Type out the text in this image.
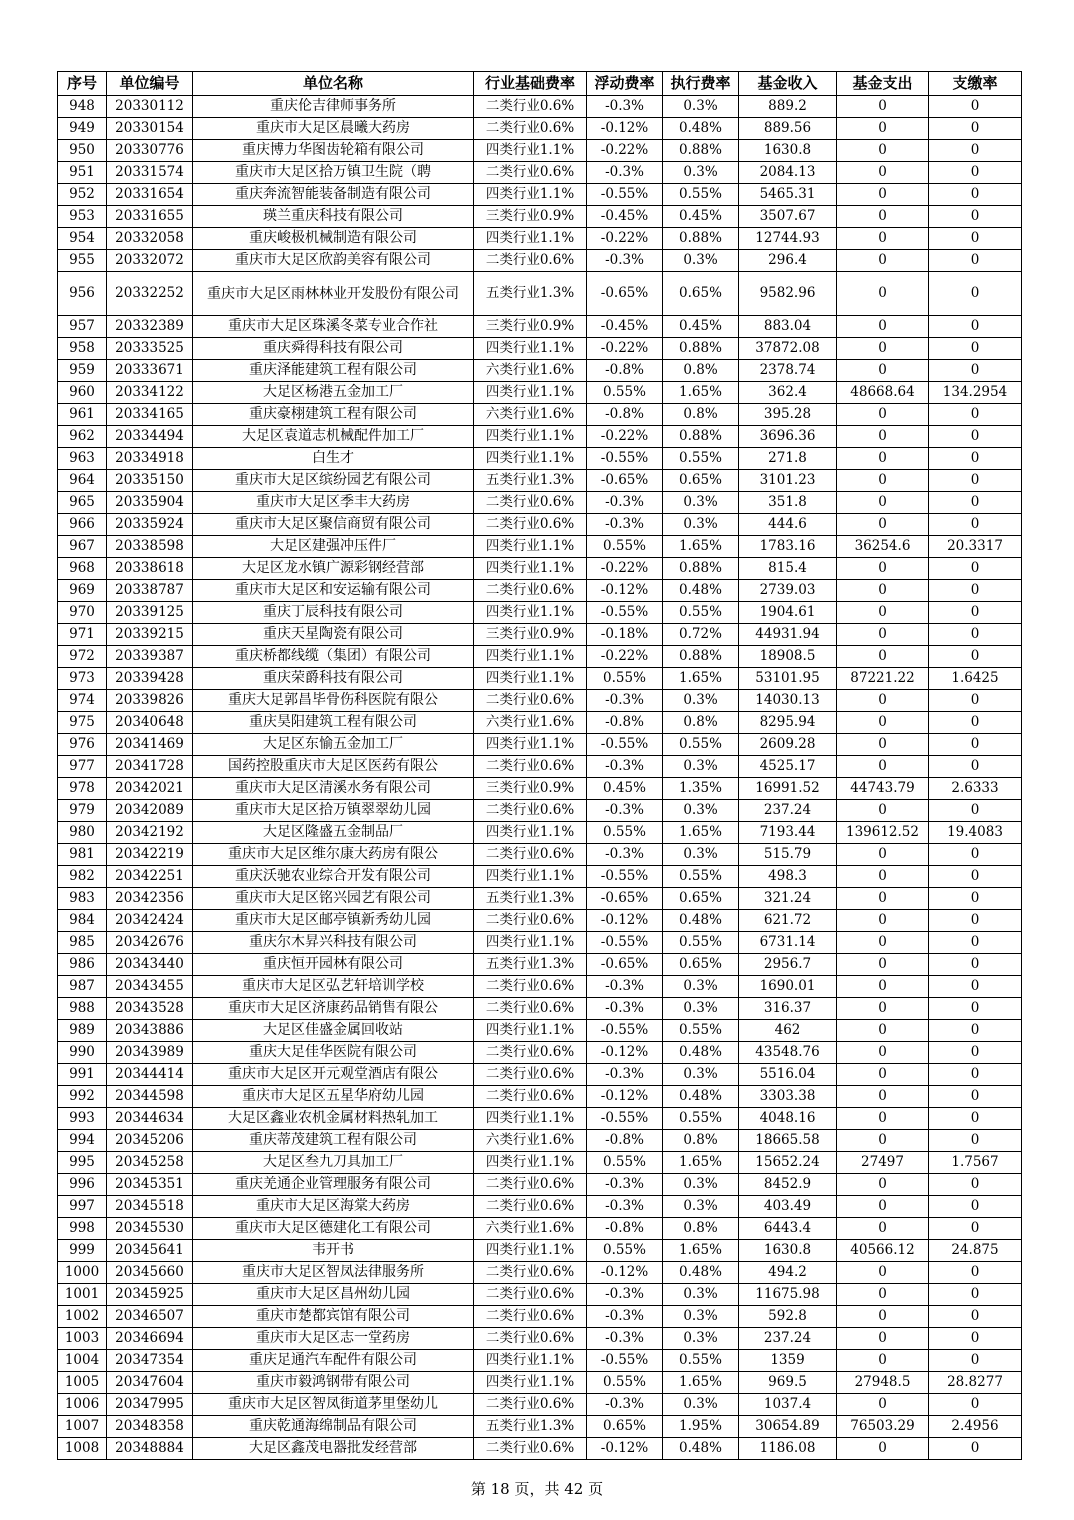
序号	单位编号	单位名称	行业基础费率	浮动费率	执行费率	基金收入	基金支出	支缴率
948	20330112	重庆伦吉律师事务所	二类行业0.6%	-0.3%	0.3%	889.2	0	0
949	20330154	重庆市大足区晨曦大药房	二类行业0.6%	-0.12%	0.48%	889.56	0	0
950	20330776	重庆博力华图齿轮箱有限公司	四类行业1.1%	-0.22%	0.88%	1630.8	0	0
951	20331574	重庆市大足区拾万镇卫生院（聘	二类行业0.6%	-0.3%	0.3%	2084.13	0	0
952	20331654	重庆奔流智能装备制造有限公司	四类行业1.1%	-0.55%	0.55%	5465.31	0	0
953	20331655	瑛兰重庆科技有限公司	三类行业0.9%	-0.45%	0.45%	3507.67	0	0
954	20332058	重庆峻极机械制造有限公司	四类行业1.1%	-0.22%	0.88%	12744.93	0	0
955	20332072	重庆市大足区欣韵美容有限公司	二类行业0.6%	-0.3%	0.3%	296.4	0	0
956	20332252	重庆市大足区雨林林业开发股份有限公司	五类行业1.3%	-0.65%	0.65%	9582.96	0	0
957	20332389	重庆市大足区珠溪冬菜专业合作社	三类行业0.9%	-0.45%	0.45%	883.04	0	0
958	20333525	重庆舜得科技有限公司	四类行业1.1%	-0.22%	0.88%	37872.08	0	0
959	20333671	重庆泽能建筑工程有限公司	六类行业1.6%	-0.8%	0.8%	2378.74	0	0
960	20334122	大足区杨港五金加工厂	四类行业1.1%	0.55%	1.65%	362.4	48668.64	134.2954
961	20334165	重庆豪栩建筑工程有限公司	六类行业1.6%	-0.8%	0.8%	395.28	0	0
962	20334494	大足区袁道志机械配件加工厂	四类行业1.1%	-0.22%	0.88%	3696.36	0	0
963	20334918	白生才	四类行业1.1%	-0.55%	0.55%	271.8	0	0
964	20335150	重庆市大足区缤纷园艺有限公司	五类行业1.3%	-0.65%	0.65%	3101.23	0	0
965	20335904	重庆市大足区季丰大药房	二类行业0.6%	-0.3%	0.3%	351.8	0	0
966	20335924	重庆市大足区聚信商贸有限公司	二类行业0.6%	-0.3%	0.3%	444.6	0	0
967	20338598	大足区建强冲压件厂	四类行业1.1%	0.55%	1.65%	1783.16	36254.6	20.3317
968	20338618	大足区龙水镇广源彩钢经营部	四类行业1.1%	-0.22%	0.88%	815.4	0	0
969	20338787	重庆市大足区和安运输有限公司	二类行业0.6%	-0.12%	0.48%	2739.03	0	0
970	20339125	重庆丁辰科技有限公司	四类行业1.1%	-0.55%	0.55%	1904.61	0	0
971	20339215	重庆天星陶瓷有限公司	三类行业0.9%	-0.18%	0.72%	44931.94	0	0
972	20339387	重庆桥都线缆（集团）有限公司	四类行业1.1%	-0.22%	0.88%	18908.5	0	0
973	20339428	重庆荣爵科技有限公司	四类行业1.1%	0.55%	1.65%	53101.95	87221.22	1.6425
974	20339826	重庆大足郭昌毕骨伤科医院有限公	二类行业0.6%	-0.3%	0.3%	14030.13	0	0
975	20340648	重庆昊阳建筑工程有限公司	六类行业1.6%	-0.8%	0.8%	8295.94	0	0
976	20341469	大足区东愉五金加工厂	四类行业1.1%	-0.55%	0.55%	2609.28	0	0
977	20341728	国药控股重庆市大足区医药有限公	二类行业0.6%	-0.3%	0.3%	4525.17	0	0
978	20342021	重庆市大足区清溪水务有限公司	三类行业0.9%	0.45%	1.35%	16991.52	44743.79	2.6333
979	20342089	重庆市大足区拾万镇翠翠幼儿园	二类行业0.6%	-0.3%	0.3%	237.24	0	0
980	20342192	大足区隆盛五金制品厂	四类行业1.1%	0.55%	1.65%	7193.44	139612.52	19.4083
981	20342219	重庆市大足区维尔康大药房有限公	二类行业0.6%	-0.3%	0.3%	515.79	0	0
982	20342251	重庆沃驰农业综合开发有限公司	四类行业1.1%	-0.55%	0.55%	498.3	0	0
983	20342356	重庆市大足区铭兴园艺有限公司	五类行业1.3%	-0.65%	0.65%	321.24	0	0
984	20342424	重庆市大足区邮亭镇新秀幼儿园	二类行业0.6%	-0.12%	0.48%	621.72	0	0
985	20342676	重庆尔木昇兴科技有限公司	四类行业1.1%	-0.55%	0.55%	6731.14	0	0
986	20343440	重庆恒开园林有限公司	五类行业1.3%	-0.65%	0.65%	2956.7	0	0
987	20343455	重庆市大足区弘艺轩培训学校	二类行业0.6%	-0.3%	0.3%	1690.01	0	0
988	20343528	重庆市大足区济康药品销售有限公	二类行业0.6%	-0.3%	0.3%	316.37	0	0
989	20343886	大足区佳盛金属回收站	四类行业1.1%	-0.55%	0.55%	462	0	0
990	20343989	重庆大足佳华医院有限公司	二类行业0.6%	-0.12%	0.48%	43548.76	0	0
991	20344414	重庆市大足区开元观堂酒店有限公	二类行业0.6%	-0.3%	0.3%	5516.04	0	0
992	20344598	重庆市大足区五星华府幼儿园	二类行业0.6%	-0.12%	0.48%	3303.38	0	0
993	20344634	大足区鑫业农机金属材料热轧加工	四类行业1.1%	-0.55%	0.55%	4048.16	0	0
994	20345206	重庆蒂茂建筑工程有限公司	六类行业1.6%	-0.8%	0.8%	18665.58	0	0
995	20345258	大足区叁九刀具加工厂	四类行业1.1%	0.55%	1.65%	15652.24	27497	1.7567
996	20345351	重庆羌通企业管理服务有限公司	二类行业0.6%	-0.3%	0.3%	8452.9	0	0
997	20345518	重庆市大足区海棠大药房	二类行业0.6%	-0.3%	0.3%	403.49	0	0
998	20345530	重庆市大足区德建化工有限公司	六类行业1.6%	-0.8%	0.8%	6443.4	0	0
999	20345641	韦开书	四类行业1.1%	0.55%	1.65%	1630.8	40566.12	24.875
1000	20345660	重庆市大足区智凤法律服务所	二类行业0.6%	-0.12%	0.48%	494.2	0	0
1001	20345925	重庆市大足区昌州幼儿园	二类行业0.6%	-0.3%	0.3%	11675.98	0	0
1002	20346507	重庆市楚都宾馆有限公司	二类行业0.6%	-0.3%	0.3%	592.8	0	0
1003	20346694	重庆市大足区志一堂药房	二类行业0.6%	-0.3%	0.3%	237.24	0	0
1004	20347354	重庆足通汽车配件有限公司	四类行业1.1%	-0.55%	0.55%	1359	0	0
1005	20347604	重庆市毅鸿钢带有限公司	四类行业1.1%	0.55%	1.65%	969.5	27948.5	28.8277
1006	20347995	重庆市大足区智凤街道茅里堡幼儿	二类行业0.6%	-0.3%	0.3%	1037.4	0	0
1007	20348358	重庆乾通海绵制品有限公司	五类行业1.3%	0.65%	1.95%	30654.89	76503.29	2.4956
1008	20348884	大足区鑫茂电器批发经营部	二类行业0.6%	-0.12%	0.48%	1186.08	0	0
第 18 页，共 42 页
